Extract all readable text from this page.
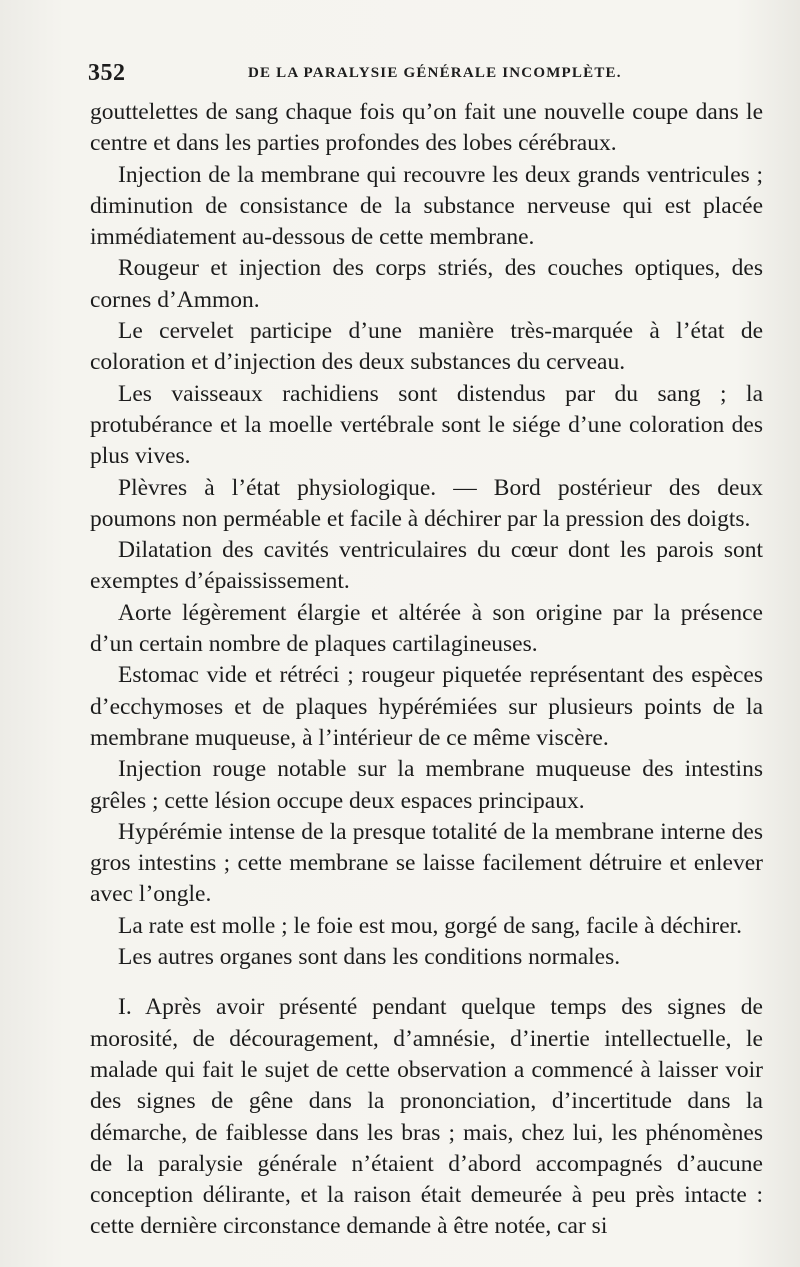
352	DE LA PARALYSIE GÉNÉRALE INCOMPLÈTE.

gouttelettes de sang chaque fois qu’on fait une nouvelle coupe dans le centre et dans les parties profondes des lobes cérébraux.

Injection de la membrane qui recouvre les deux grands ventricules ; diminution de consistance de la substance nerveuse qui est placée immédiatement au-dessous de cette membrane.

Rougeur et injection des corps striés, des couches optiques, des cornes d’Ammon.

Le cervelet participe d’une manière très-marquée à l’état de coloration et d’injection des deux substances du cerveau.

Les vaisseaux rachidiens sont distendus par du sang ; la protubérance et la moelle vertébrale sont le siége d’une coloration des plus vives.

Plèvres à l’état physiologique. — Bord postérieur des deux poumons non perméable et facile à déchirer par la pression des doigts.

Dilatation des cavités ventriculaires du cœur dont les parois sont exemptes d’épaississement.

Aorte légèrement élargie et altérée à son origine par la présence d’un certain nombre de plaques cartilagineuses.

Estomac vide et rétréci ; rougeur piquetée représentant des espèces d’ecchymoses et de plaques hypérémiées sur plusieurs points de la membrane muqueuse, à l’intérieur de ce même viscère.

Injection rouge notable sur la membrane muqueuse des intestins grêles ; cette lésion occupe deux espaces principaux.

Hypérémie intense de la presque totalité de la membrane interne des gros intestins ; cette membrane se laisse facilement détruire et enlever avec l’ongle.

La rate est molle ; le foie est mou, gorgé de sang, facile à déchirer.

Les autres organes sont dans les conditions normales.

I. Après avoir présenté pendant quelque temps des signes de morosité, de découragement, d’amnésie, d’inertie intellectuelle, le malade qui fait le sujet de cette observation a commencé à laisser voir des signes de gêne dans la prononciation, d’incertitude dans la démarche, de faiblesse dans les bras ; mais, chez lui, les phénomènes de la paralysie générale n’étaient d’abord accompagnés d’aucune conception délirante, et la raison était demeurée à peu près intacte : cette dernière circonstance demande à être notée, car si
